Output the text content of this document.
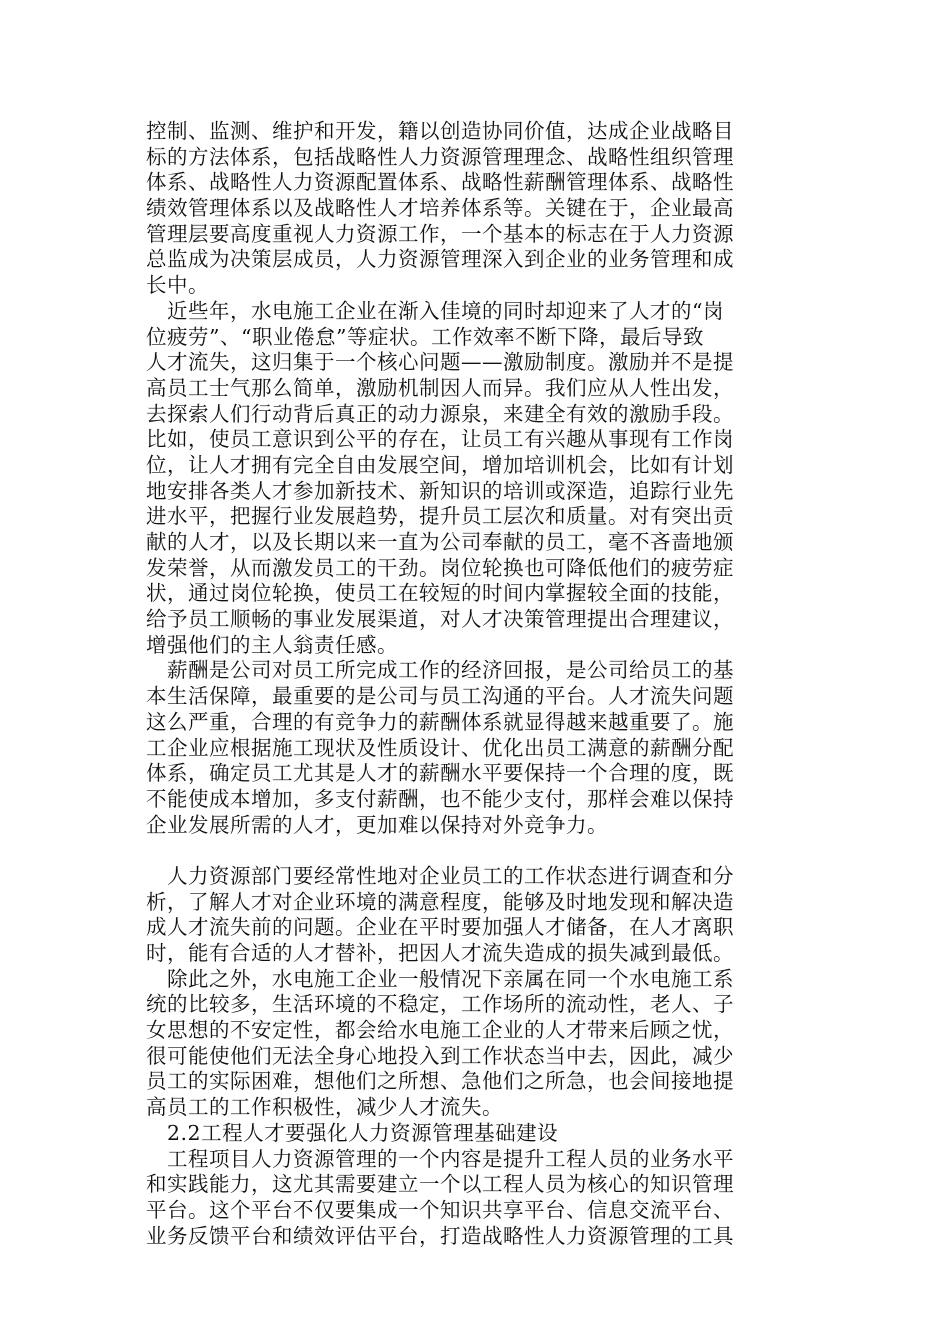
控制、监测、维护和开发，籍以创造协同价值，达成企业战略目
标的方法体系，包括战略性人力资源管理理念、战略性组织管理
体系、战略性人力资源配置体系、战略性薪酬管理体系、战略性
绩效管理体系以及战略性人才培养体系等。关键在于，企业最高
管理层要高度重视人力资源工作，一个基本的标志在于人力资源
总监成为决策层成员，人力资源管理深入到企业的业务管理和成
长中。
近些年，水电施工企业在渐入佳境的同时却迎来了人才的“岗
位疲劳”、“职业倦怠”等症状。工作效率不断下降，最后导致
人才流失，这归集于一个核心问题——激励制度。激励并不是提
高员工士气那么简单，激励机制因人而异。我们应从人性出发，
去探索人们行动背后真正的动力源泉，来建全有效的激励手段。
比如，使员工意识到公平的存在，让员工有兴趣从事现有工作岗
位，让人才拥有完全自由发展空间，增加培训机会，比如有计划
地安排各类人才参加新技术、新知识的培训或深造，追踪行业先
进水平，把握行业发展趋势，提升员工层次和质量。对有突出贡
献的人才，以及长期以来一直为公司奉献的员工，毫不吝啬地颁
发荣誉，从而激发员工的干劲。岗位轮换也可降低他们的疲劳症
状，通过岗位轮换，使员工在较短的时间内掌握较全面的技能，
给予员工顺畅的事业发展渠道，对人才决策管理提出合理建议，
增强他们的主人翁责任感。
薪酬是公司对员工所完成工作的经济回报，是公司给员工的基
本生活保障，最重要的是公司与员工沟通的平台。人才流失问题
这么严重，合理的有竞争力的薪酬体系就显得越来越重要了。施
工企业应根据施工现状及性质设计、优化出员工满意的薪酬分配
体系，确定员工尤其是人才的薪酬水平要保持一个合理的度，既
不能使成本增加，多支付薪酬，也不能少支付，那样会难以保持
企业发展所需的人才，更加难以保持对外竞争力。
人力资源部门要经常性地对企业员工的工作状态进行调查和分
析，了解人才对企业环境的满意程度，能够及时地发现和解决造
成人才流失前的问题。企业在平时要加强人才储备，在人才离职
时，能有合适的人才替补，把因人才流失造成的损失减到最低。
除此之外，水电施工企业一般情况下亲属在同一个水电施工系
统的比较多，生活环境的不稳定，工作场所的流动性，老人、子
女思想的不安定性，都会给水电施工企业的人才带来后顾之忧，
很可能使他们无法全身心地投入到工作状态当中去，因此，减少
员工的实际困难，想他们之所想、急他们之所急，也会间接地提
高员工的工作积极性，减少人才流失。
2.2工程人才要强化人力资源管理基础建设
工程项目人力资源管理的一个内容是提升工程人员的业务水平
和实践能力，这尤其需要建立一个以工程人员为核心的知识管理
平台。这个平台不仅要集成一个知识共享平台、信息交流平台、
业务反馈平台和绩效评估平台，打造战略性人力资源管理的工具
